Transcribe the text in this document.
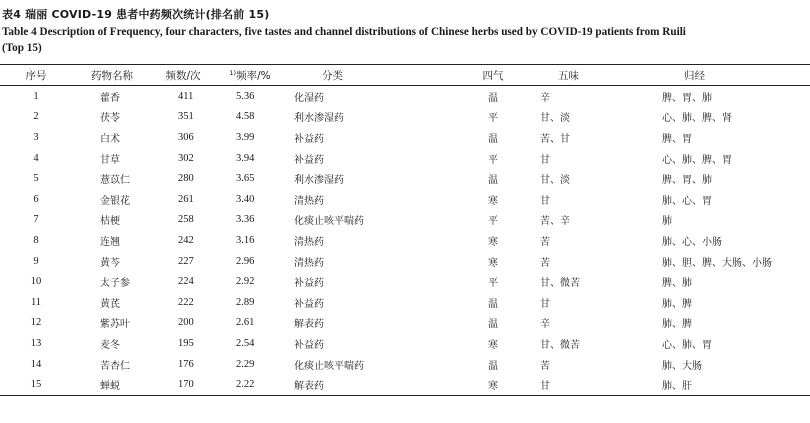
表4 瑞丽 COVID-19 患者中药频次统计(排名前 15)

Table 4 Description of Frequency, four characters, five tastes and channel distributions of Chinese herbs used by COVID-19 patients from Ruili (Top 15)

序号	药物名称	频数/次	$^{1)}$频率/%	分类	四气	五味	归经
1	藿香	411	5.36	化湿药	温	辛	脾、胃、肺
2	茯苓	351	4.58	利水渗湿药	平	甘、淡	心、肺、脾、肾
3	白术	306	3.99	补益药	温	苦、甘	脾、胃
4	甘草	302	3.94	补益药	平	甘	心、肺、脾、胃
5	薏苡仁	280	3.65	利水渗湿药	温	甘、淡	脾、胃、肺
6	金银花	261	3.40	清热药	寒	甘	肺、心、胃
7	桔梗	258	3.36	化痰止咳平喘药	平	苦、辛	肺
8	连翘	242	3.16	清热药	寒	苦	肺、心、小肠
9	黄芩	227	2.96	清热药	寒	苦	肺、胆、脾、大肠、小肠
10	太子参	224	2.92	补益药	平	甘、微苦	脾、肺
11	黄芪	222	2.89	补益药	温	甘	肺、脾
12	紫苏叶	200	2.61	解表药	温	辛	肺、脾
13	麦冬	195	2.54	补益药	寒	甘、微苦	心、肺、胃
14	苦杏仁	176	2.29	化痰止咳平喘药	温	苦	肺、大肠
15	蝉蜕	170	2.22	解表药	寒	甘	肺、肝
